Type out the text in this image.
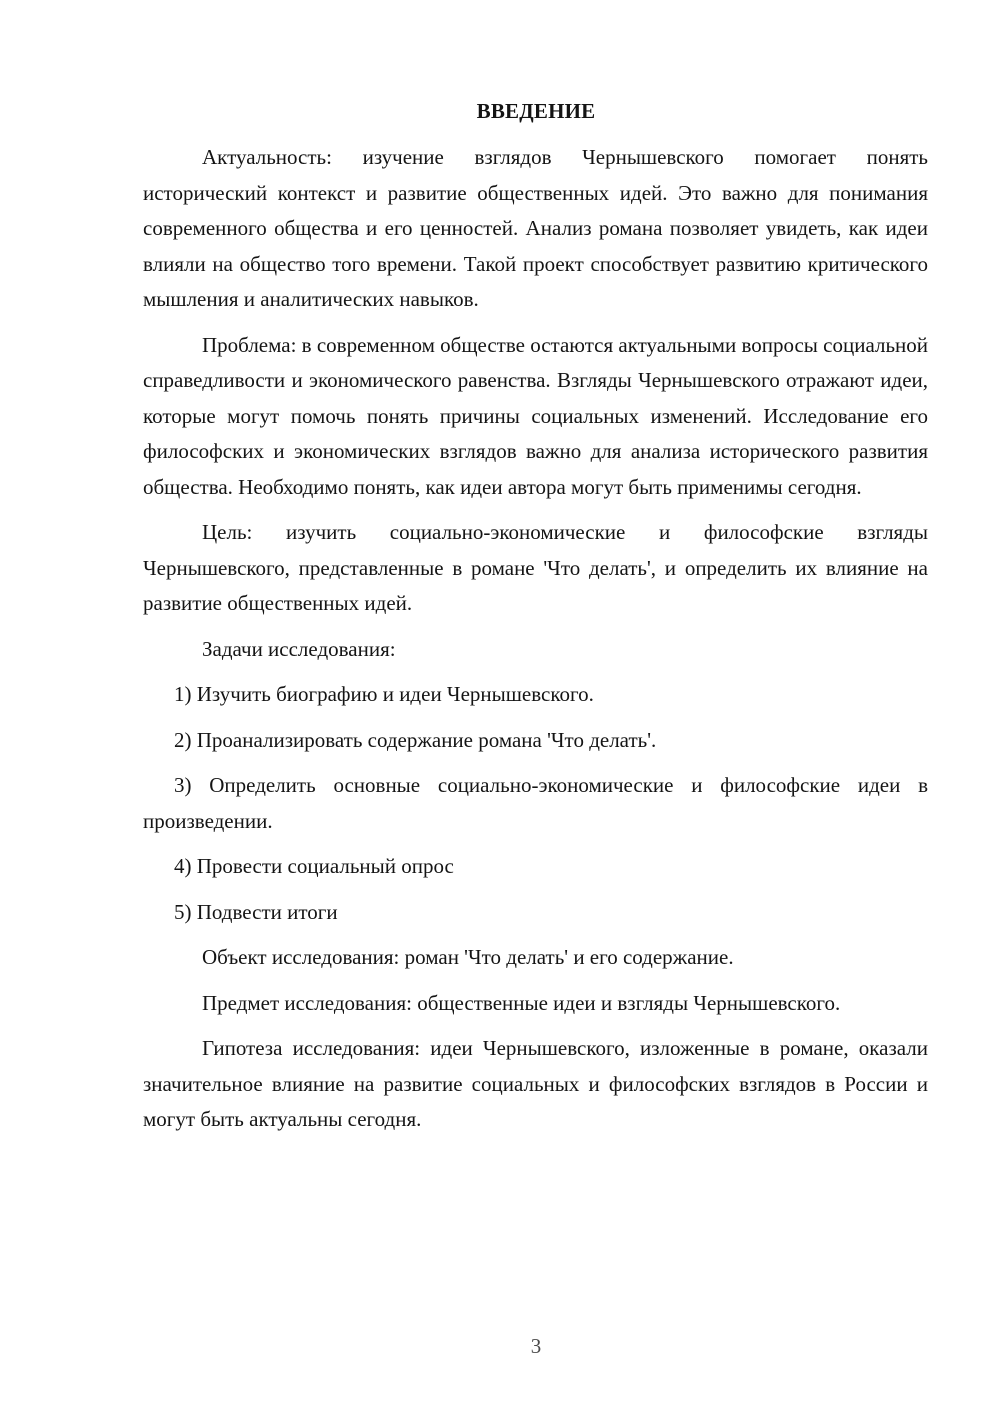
ВВЕДЕНИЕ

Актуальность: изучение взглядов Чернышевского помогает понять исторический контекст и развитие общественных идей. Это важно для понимания современного общества и его ценностей. Анализ романа позволяет увидеть, как идеи влияли на общество того времени. Такой проект способствует развитию критического мышления и аналитических навыков.

Проблема: в современном обществе остаются актуальными вопросы социальной справедливости и экономического равенства. Взгляды Чернышевского отражают идеи, которые могут помочь понять причины социальных изменений. Исследование его философских и экономических взглядов важно для анализа исторического развития общества. Необходимо понять, как идеи автора могут быть применимы сегодня.

Цель: изучить социально-экономические и философские взгляды Чернышевского, представленные в романе 'Что делать', и определить их влияние на развитие общественных идей.

Задачи исследования:

1) Изучить биографию и идеи Чернышевского.

2) Проанализировать содержание романа 'Что делать'.

3) Определить основные социально-экономические и философские идеи в произведении.

4) Провести социальный опрос

5) Подвести итоги

Объект исследования: роман 'Что делать' и его содержание.

Предмет исследования: общественные идеи и взгляды Чернышевского.

Гипотеза исследования: идеи Чернышевского, изложенные в романе, оказали значительное влияние на развитие социальных и философских взглядов в России и могут быть актуальны сегодня.

3
